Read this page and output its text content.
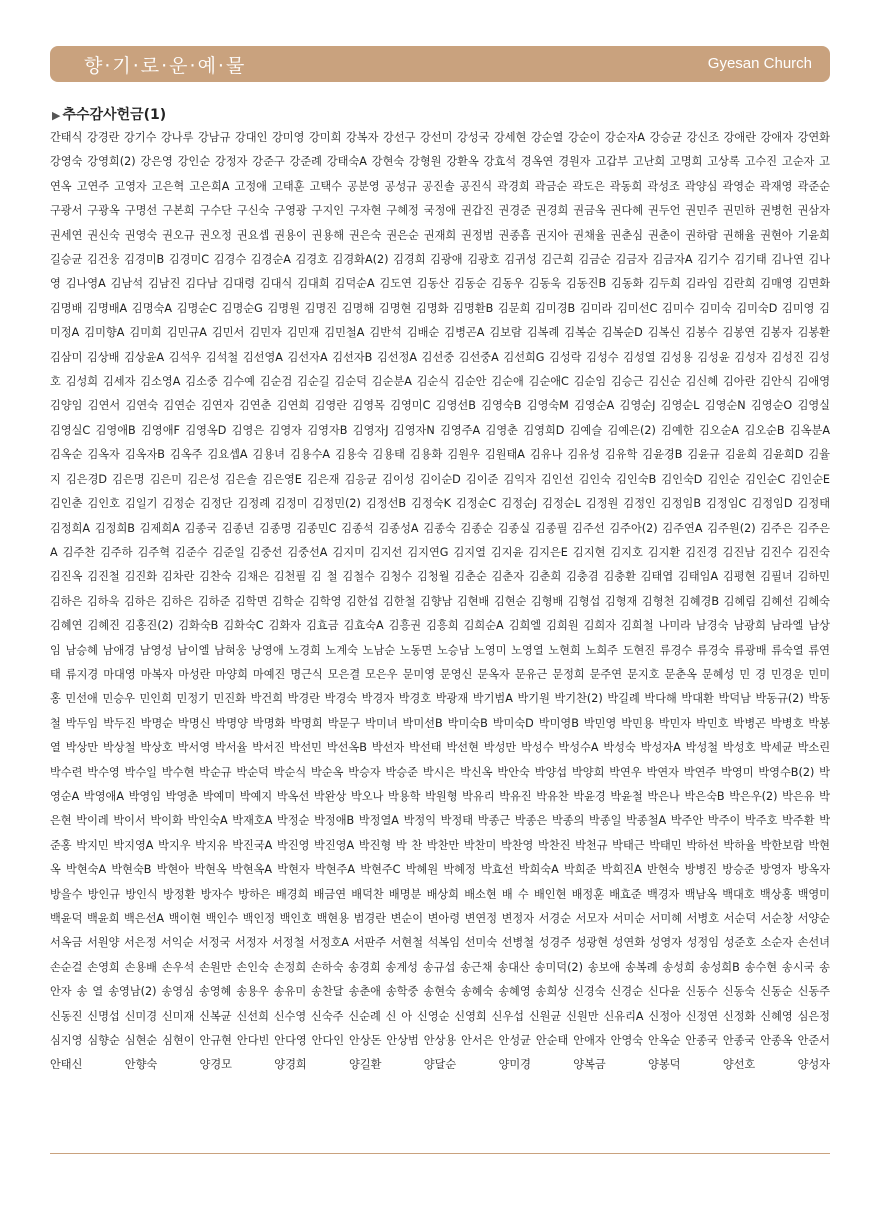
향·기·로·운·예·물	Gyesan Church
▶ 추수감사헌금(1)
간태식 강경란 강기수 강나루 강남규 강대인 강미영 강미희 강복자 강선구 강선미 강성국 강세현 강순열 강순이 강순자A 강승균 강신조 강애란 강애자 강연화 강영숙 강영희(2) 강은영 강인순 강정자 강준구 강준례 강태숙A 강현숙 강형원 강환옥 강효석 경옥연 경원자 고갑부 고난희 고명희 고상록 고수진 고순자 고연옥 고연주 고영자 고은혁 고은희A 고정애 고태훈 고택수 공분영 공성규 공진솔 공진식 곽경희 곽금순 곽도은 곽동희 곽성조 곽양심 곽영순 곽재영 곽준순 구광서 구광옥 구명선 구본희 구수단 구신숙 구영광 구지인 구자현 구혜정 국정애 권갑진 권경준 권경희 권금옥 권다혜 권두언 권민주 권민하 권병헌 권삼자 권세연 권신숙 권영숙 권오규 권오정 권요셉 권용이 권용해 권은숙 권은순 권재희 권정범 권종흠 권지아 권채율 권춘심 권춘이 권하람 권해율 권현아 기윤희 길승균 김건웅 김경미B 김경미C 김경수 김경순A 김경호 김경화A(2) 김경희 김광애 김광호 김귀성 김근희 김금순 김금자 김금자A 김기수 김기태 김나연 김나영 김나영A 김남석 김남진 김다남 김대령 김대식 김대희 김덕순A 김도연 김동산 김동순 김동우 김동욱 김동진B 김동화 김두희 김라임 김란희 김매영 김면화 김명배 김명배A 김명숙A 김명순C 김명순G 김명원 김명진 김명해 김명현 김명화 김명환B 김문희 김미경B 김미라 김미선C 김미수 김미숙 김미숙D 김미영 김미정A 김미향A 김미희 김민규A 김민서 김민자 김민재 김민철A 김반석 김배순 김병곤A 김보람 김복례 김복순 김복순D 김복신 김봉수 김봉연 김봉자 김봉환 김삼미 김상배 김상윤A 김석우 김석철 김선영A 김선자A 김선자B 김선정A 김선중 김선중A 김선희G 김성락 김성수 김성열 김성용 김성윤 김성자 김성진 김성호 김성희 김세자 김소영A 김소중 김수예 김순검 김순길 김순덕 김순분A 김순식 김순안 김순애 김순애C 김순임 김승근 김신순 김신혜 김아란 김안식 김애영 김양임 김연서 김연숙 김연순 김연자 김연춘 김연희 김영란 김영목 김영미C 김영선B 김영숙B 김영숙M 김영순A 김영순J 김영순L 김영순N 김영순O 김영실 김영실C 김영애B 김영애F 김영옥D 김영은 김영자 김영자B 김영자J 김영자N 김영주A 김영춘 김영희D 김예슬 김예은(2) 김예한 김오순A 김오순B 김옥분A 김옥순 김옥자 김옥자B 김옥주 김요셉A 김용녀 김용수A 김용숙 김용태 김용화 김원우 김원태A 김유나 김유성 김유학 김윤경B 김윤규 김윤희 김윤희D 김율지 김은경D 김은명 김은미 김은성 김은솔 김은영E 김은재 김응균 김이성 김이순D 김이준 김익자 김인선 김인숙 김인숙B 김인숙D 김인순 김인순C 김인순E 김인춘 김인호 김일기 김정순 김정단 김정례 김정미 김정민(2) 김정선B 김정숙K 김정순C 김정순J 김정순L 김정원 김정인 김정임B 김정임C 김정임D 김정태 김정희A 김정희B 김제희A 김종국 김종년 김종명 김종민C 김종석 김종성A 김종숙 김종순 김종실 김종필 김주선 김주아(2) 김주연A 김주원(2) 김주은 김주은A 김주찬 김주하 김주혁 김준수 김준일 김중선 김중선A 김지미 김지선 김지연G 김지열 김지윤 김지은E 김지현 김지호 김지환 김진경 김진남 김진수 김진숙 김진옥 김진철 김진화 김차란 김찬숙 김채은 김천필 김 철 김철수 김청수 김청월 김춘순 김춘자 김춘희 김충겸 김충환 김태엽 김태임A 김평현 김필녀 김하민 김하은 김하욱 김하은 김하은 김하준 김학면 김학순 김학영 김한섭 김한철 김향남 김현배 김현순 김형배 김형섭 김형재 김형천 김혜경B 김혜림 김혜선 김혜숙 김혜연 김혜진 김홍진(2) 김화숙B 김화숙C 김화자 김효금 김효숙A 김흥권 김흥희 김희순A 김희엘 김희원 김희자 김희철 나미라 남경숙 남광희 남라엘 남상임 남승혜 남애경 남영성 남이엘 남혀웅 낭영애 노경희 노계숙 노남순 노동면 노승남 노영미 노영열 노현희 노희주 도현진 류경수 류경숙 류광배 류숙열 류연태 류지경 마대영 마복자 마성란 마양희 마예진 명근식 모은결 모은우 문미영 문영신 문옥자 문유근 문정희 문주연 문지호 문춘옥 문혜성 민 경 민경운 민미홍 민선애 민승우 민인희 민정기 민진화 박건희 박경란 박경숙 박경자 박경호 박광재 박기범A 박기원 박기찬(2) 박길례 박다해 박대환 박덕남 박동규(2) 박동철 박두임 박두진 박명순 박명신 박명양 박명화 박명희 박문구 박미녀 박미선B 박미숙B 박미숙D 박미영B 박민영 박민용 박민자 박민호 박병곤 박병호 박봉열 박상만 박상철 박상호 박서영 박서율 박서진 박선민 박선옥B 박선자 박선태 박선현 박성만 박성수 박성수A 박성숙 박성자A 박성철 박성호 박세균 박소린 박수련 박수영 박수일 박수현 박순규 박순덕 박순식 박순옥 박승자 박승준 박시은 박신옥 박안숙 박양섭 박양희 박연우 박연자 박연주 박영미 박영수B(2) 박영순A 박영애A 박영임 박영춘 박예미 박예지 박옥선 박완상 박오나 박용학 박원형 박유리 박유진 박유찬 박윤경 박윤철 박은나 박은숙B 박은우(2) 박은유 박은현 박이레 박이서 박이화 박인숙A 박재호A 박정순 박정애B 박정열A 박정익 박정태 박종근 박종은 박종의 박종일 박종철A 박주안 박주이 박주호 박주환 박준홍 박지민 박지영A 박지우 박지유 박진국A 박진영 박진영A 박진형 박 찬 박찬만 박찬미 박찬영 박찬진 박천규 박태근 박태민 박하선 박하율 박한보람 박현옥 박현숙A 박현숙B 박현아 박현옥 박현옥A 박현자 박현주A 박현주C 박혜원 박혜정 박효선 박희숙A 박희준 박희진A 반현숙 방병진 방승준 방영자 방옥자 방을수 방인규 방인식 방정환 방자수 방하은 배경희 배금연 배덕찬 배명분 배상희 배소현 배 수 배인현 배정훈 배효준 백경자 백남옥 백대호 백상홍 백영미 백윤덕 백윤희 백은선A 백이현 백인수 백인정 백인호 백현용 범경란 변순이 변아령 변연정 변정자 서경순 서모자 서미순 서미혜 서병호 서순덕 서순창 서양순 서옥금 서원양 서은정 서익순 서정국 서정자 서정철 서정호A 서판주 서현철 석복임 선미숙 선병철 성경주 성광현 성연화 성영자 성정임 성준호 소순자 손선녀 손순걸 손영희 손용배 손우석 손원만 손인숙 손정희 손하숙 송경희 송계성 송규섭 송근채 송대산 송미덕(2) 송보애 송복례 송성희 송성희B 송수현 송시국 송안자 송 열 송영남(2) 송영심 송영혜 송용우 송유미 송찬달 송춘애 송학중 송현숙 송혜숙 송혜영 송희상 신경숙 신경순 신다윤 신동수 신동숙 신동순 신동주 신동진 신명섭 신미경 신미재 신복균 신선희 신수영 신숙주 신순례 신 아 신영순 신영희 신우섭 신원균 신원만 신유리A 신정아 신정연 신정화 신혜영 심은정 심지영 심향순 심현순 심현이 안규현 안다빈 안다영 안다인 안상돈 안상범 안상용 안서은 안성균 안순태 안애자 안영숙 안옥순 안종국 안종국 안종옥 안준서 안태신 안향숙 양경모 양경희 양길환 양달순 양미경 양복금 양봉덕 양선호 양성자
